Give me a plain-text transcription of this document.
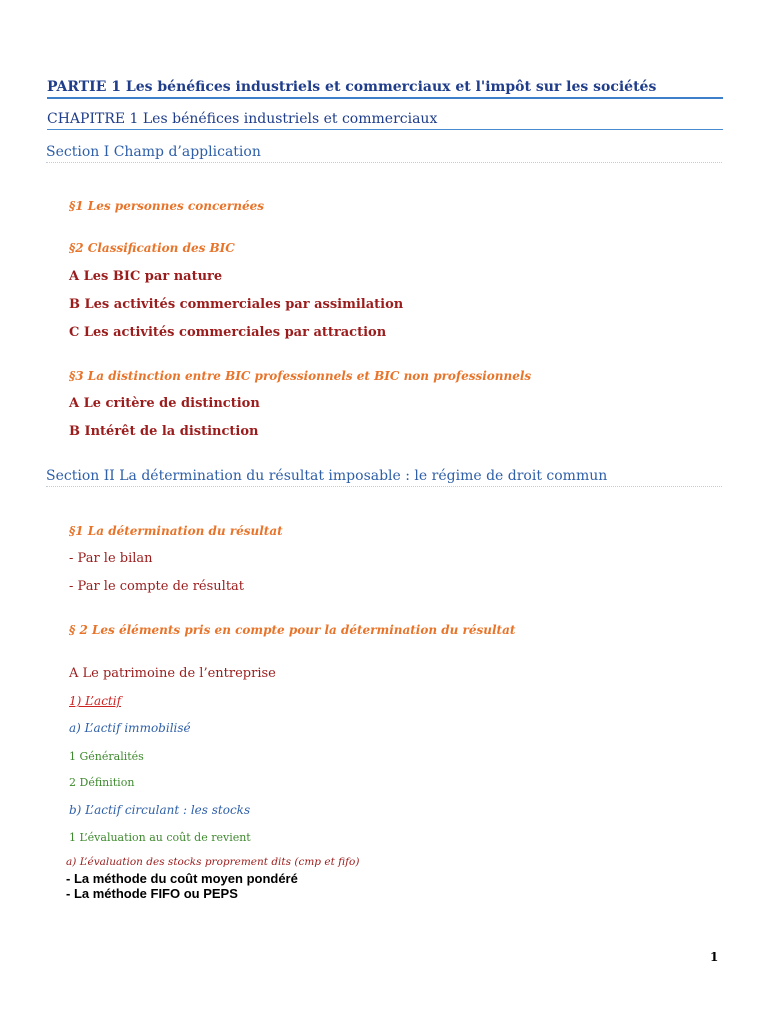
PARTIE 1 Les bénéfices industriels et commerciaux et l'impôt sur les sociétés
CHAPITRE 1 Les bénéfices industriels et commerciaux
Section I Champ d’application
§1 Les personnes concernées
§2 Classification des BIC
A Les BIC par nature
B Les activités commerciales par assimilation
C Les activités commerciales par attraction
§3 La distinction entre BIC professionnels et BIC non professionnels
A Le critère de distinction
B Intérêt de la distinction
Section II La détermination du résultat imposable : le régime de droit commun
§1 La détermination du résultat
- Par le bilan
- Par le compte de résultat
§ 2 Les éléments pris en compte pour la détermination du résultat
A Le patrimoine de l’entreprise
1) L’actif
a) L’actif immobilisé
1 Généralités
2 Définition
b) L’actif circulant : les stocks
1 L’évaluation au coût de revient
a) L’évaluation des stocks proprement dits (cmp et fifo)
- La méthode du coût moyen pondéré
- La méthode FIFO ou PEPS
1
